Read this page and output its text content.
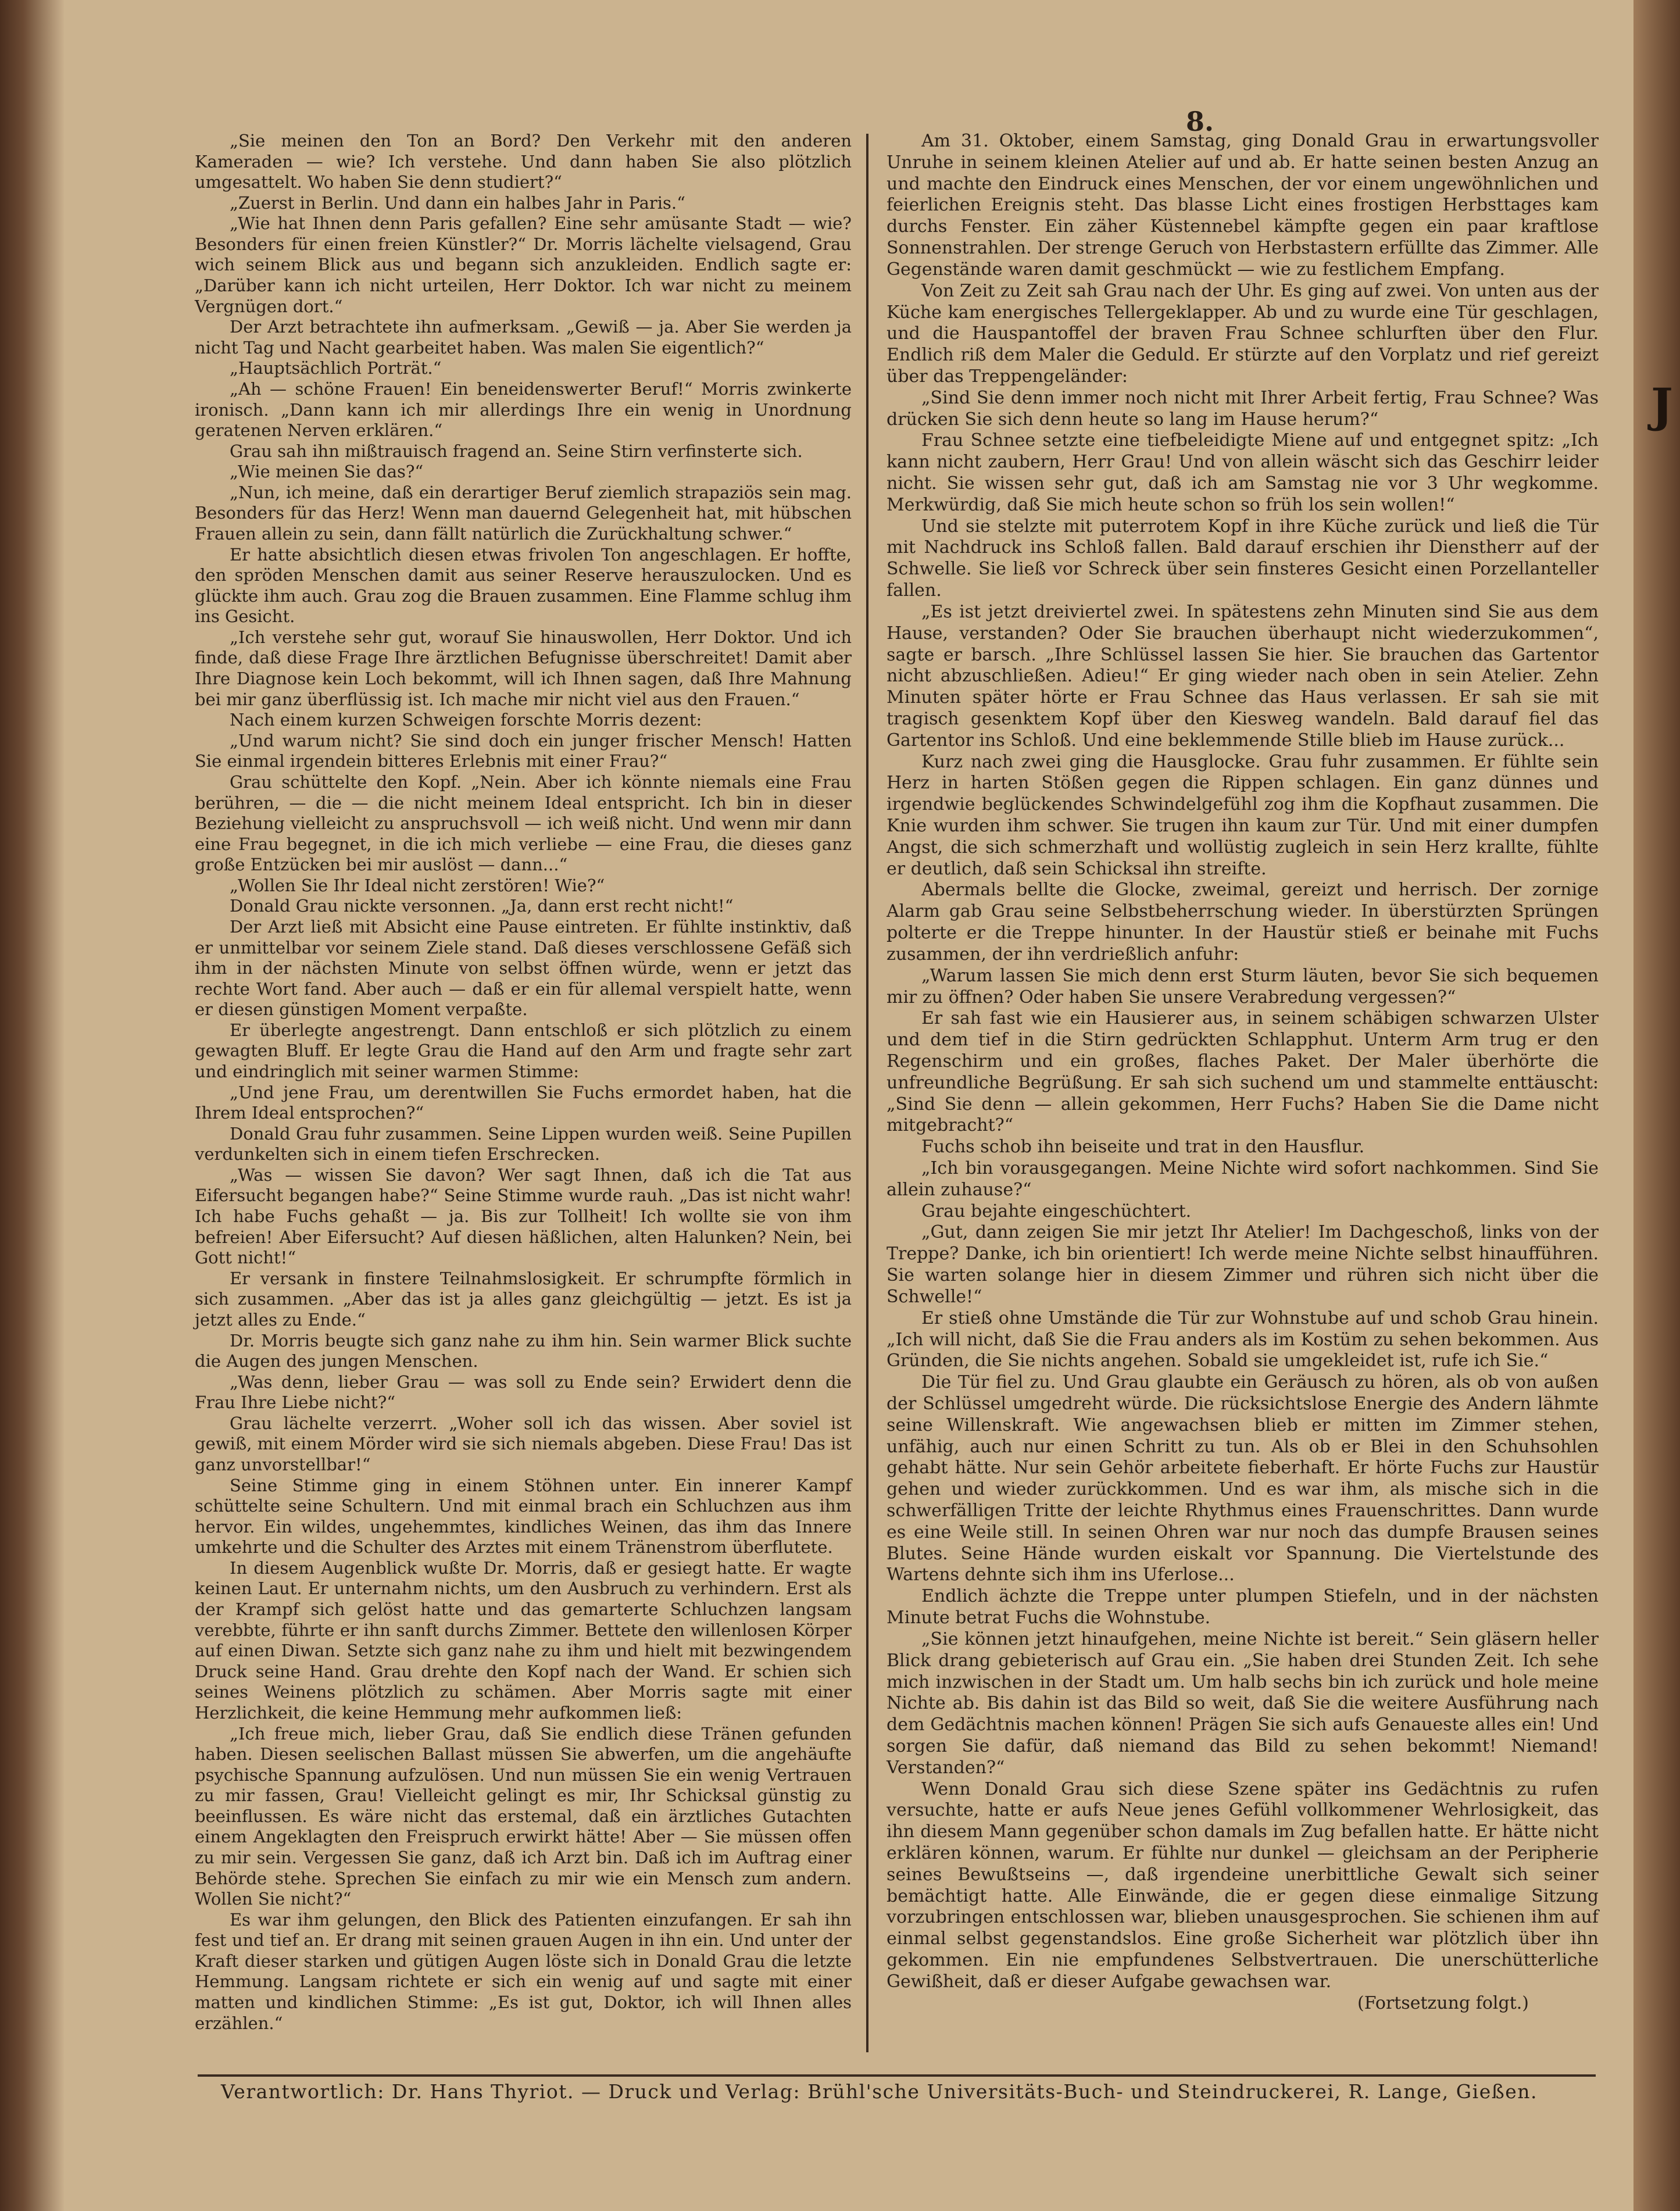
J
8.

„Sie meinen den Ton an Bord? Den Verkehr mit den anderen Kameraden — wie? Ich verstehe. Und dann haben Sie also plötzlich umgesattelt. Wo haben Sie denn studiert?“

„Zuerst in Berlin. Und dann ein halbes Jahr in Paris.“

„Wie hat Ihnen denn Paris gefallen? Eine sehr amüsante Stadt — wie? Besonders für einen freien Künstler?“ Dr. Morris lächelte vielsagend, Grau wich seinem Blick aus und begann sich anzukleiden. Endlich sagte er: „Darüber kann ich nicht urteilen, Herr Doktor. Ich war nicht zu meinem Vergnügen dort.“

Der Arzt betrachtete ihn aufmerksam. „Gewiß — ja. Aber Sie werden ja nicht Tag und Nacht gearbeitet haben. Was malen Sie eigentlich?“

„Hauptsächlich Porträt.“

„Ah — schöne Frauen! Ein beneidenswerter Beruf!“ Morris zwinkerte ironisch. „Dann kann ich mir allerdings Ihre ein wenig in Unordnung geratenen Nerven erklären.“

Grau sah ihn mißtrauisch fragend an. Seine Stirn verfinsterte sich.

„Wie meinen Sie das?“

„Nun, ich meine, daß ein derartiger Beruf ziemlich strapaziös sein mag. Besonders für das Herz! Wenn man dauernd Gelegenheit hat, mit hübschen Frauen allein zu sein, dann fällt natürlich die Zurückhaltung schwer.“

Er hatte absichtlich diesen etwas frivolen Ton angeschlagen. Er hoffte, den spröden Menschen damit aus seiner Reserve herauszulocken. Und es glückte ihm auch. Grau zog die Brauen zusammen. Eine Flamme schlug ihm ins Gesicht.

„Ich verstehe sehr gut, worauf Sie hinauswollen, Herr Doktor. Und ich finde, daß diese Frage Ihre ärztlichen Befugnisse überschreitet! Damit aber Ihre Diagnose kein Loch bekommt, will ich Ihnen sagen, daß Ihre Mahnung bei mir ganz überflüssig ist. Ich mache mir nicht viel aus den Frauen.“

Nach einem kurzen Schweigen forschte Morris dezent:

„Und warum nicht? Sie sind doch ein junger frischer Mensch! Hatten Sie einmal irgendein bitteres Erlebnis mit einer Frau?“

Grau schüttelte den Kopf. „Nein. Aber ich könnte niemals eine Frau berühren, — die — die nicht meinem Ideal entspricht. Ich bin in dieser Beziehung vielleicht zu anspruchsvoll — ich weiß nicht. Und wenn mir dann eine Frau begegnet, in die ich mich verliebe — eine Frau, die dieses ganz große Entzücken bei mir auslöst — dann...“

„Wollen Sie Ihr Ideal nicht zerstören! Wie?“

Donald Grau nickte versonnen. „Ja, dann erst recht nicht!“

Der Arzt ließ mit Absicht eine Pause eintreten. Er fühlte instinktiv, daß er unmittelbar vor seinem Ziele stand. Daß dieses verschlossene Gefäß sich ihm in der nächsten Minute von selbst öffnen würde, wenn er jetzt das rechte Wort fand. Aber auch — daß er ein für allemal verspielt hatte, wenn er diesen günstigen Moment verpaßte.

Er überlegte angestrengt. Dann entschloß er sich plötzlich zu einem gewagten Bluff. Er legte Grau die Hand auf den Arm und fragte sehr zart und eindringlich mit seiner warmen Stimme:

„Und jene Frau, um derentwillen Sie Fuchs ermordet haben, hat die Ihrem Ideal entsprochen?“

Donald Grau fuhr zusammen. Seine Lippen wurden weiß. Seine Pupillen verdunkelten sich in einem tiefen Erschrecken.

„Was — wissen Sie davon? Wer sagt Ihnen, daß ich die Tat aus Eifersucht begangen habe?“ Seine Stimme wurde rauh. „Das ist nicht wahr! Ich habe Fuchs gehaßt — ja. Bis zur Tollheit! Ich wollte sie von ihm befreien! Aber Eifersucht? Auf diesen häßlichen, alten Halunken? Nein, bei Gott nicht!“

Er versank in finstere Teilnahmslosigkeit. Er schrumpfte förmlich in sich zusammen. „Aber das ist ja alles ganz gleichgültig — jetzt. Es ist ja jetzt alles zu Ende.“

Dr. Morris beugte sich ganz nahe zu ihm hin. Sein warmer Blick suchte die Augen des jungen Menschen.

„Was denn, lieber Grau — was soll zu Ende sein? Erwidert denn die Frau Ihre Liebe nicht?“

Grau lächelte verzerrt. „Woher soll ich das wissen. Aber soviel ist gewiß, mit einem Mörder wird sie sich niemals abgeben. Diese Frau! Das ist ganz unvorstellbar!“

Seine Stimme ging in einem Stöhnen unter. Ein innerer Kampf schüttelte seine Schultern. Und mit einmal brach ein Schluchzen aus ihm hervor. Ein wildes, ungehemmtes, kindliches Weinen, das ihm das Innere umkehrte und die Schulter des Arztes mit einem Tränenstrom überflutete.

In diesem Augenblick wußte Dr. Morris, daß er gesiegt hatte. Er wagte keinen Laut. Er unternahm nichts, um den Ausbruch zu verhindern. Erst als der Krampf sich gelöst hatte und das gemarterte Schluchzen langsam verebbte, führte er ihn sanft durchs Zimmer. Bettete den willenlosen Körper auf einen Diwan. Setzte sich ganz nahe zu ihm und hielt mit bezwingendem Druck seine Hand. Grau drehte den Kopf nach der Wand. Er schien sich seines Weinens plötzlich zu schämen. Aber Morris sagte mit einer Herzlichkeit, die keine Hemmung mehr aufkommen ließ:

„Ich freue mich, lieber Grau, daß Sie endlich diese Tränen gefunden haben. Diesen seelischen Ballast müssen Sie abwerfen, um die angehäufte psychische Spannung aufzulösen. Und nun müssen Sie ein wenig Vertrauen zu mir fassen, Grau! Vielleicht gelingt es mir, Ihr Schicksal günstig zu beeinflussen. Es wäre nicht das erstemal, daß ein ärztliches Gutachten einem Angeklagten den Freispruch erwirkt hätte! Aber — Sie müssen offen zu mir sein. Vergessen Sie ganz, daß ich Arzt bin. Daß ich im Auftrag einer Behörde stehe. Sprechen Sie einfach zu mir wie ein Mensch zum andern. Wollen Sie nicht?“

Es war ihm gelungen, den Blick des Patienten einzufangen. Er sah ihn fest und tief an. Er drang mit seinen grauen Augen in ihn ein. Und unter der Kraft dieser starken und gütigen Augen löste sich in Donald Grau die letzte Hemmung. Langsam richtete er sich ein wenig auf und sagte mit einer matten und kindlichen Stimme: „Es ist gut, Doktor, ich will Ihnen alles erzählen.“

Am 31. Oktober, einem Samstag, ging Donald Grau in erwartungsvoller Unruhe in seinem kleinen Atelier auf und ab. Er hatte seinen besten Anzug an und machte den Eindruck eines Menschen, der vor einem ungewöhnlichen und feierlichen Ereignis steht. Das blasse Licht eines frostigen Herbsttages kam durchs Fenster. Ein zäher Küstennebel kämpfte gegen ein paar kraftlose Sonnenstrahlen. Der strenge Geruch von Herbstastern erfüllte das Zimmer. Alle Gegenstände waren damit geschmückt — wie zu festlichem Empfang.

Von Zeit zu Zeit sah Grau nach der Uhr. Es ging auf zwei. Von unten aus der Küche kam energisches Tellergeklapper. Ab und zu wurde eine Tür geschlagen, und die Hauspantoffel der braven Frau Schnee schlurften über den Flur. Endlich riß dem Maler die Geduld. Er stürzte auf den Vorplatz und rief gereizt über das Treppengeländer:

„Sind Sie denn immer noch nicht mit Ihrer Arbeit fertig, Frau Schnee? Was drücken Sie sich denn heute so lang im Hause herum?“

Frau Schnee setzte eine tiefbeleidigte Miene auf und entgegnet spitz: „Ich kann nicht zaubern, Herr Grau! Und von allein wäscht sich das Geschirr leider nicht. Sie wissen sehr gut, daß ich am Samstag nie vor 3 Uhr wegkomme. Merkwürdig, daß Sie mich heute schon so früh los sein wollen!“

Und sie stelzte mit puterrotem Kopf in ihre Küche zurück und ließ die Tür mit Nachdruck ins Schloß fallen. Bald darauf erschien ihr Dienstherr auf der Schwelle. Sie ließ vor Schreck über sein finsteres Gesicht einen Porzellanteller fallen.

„Es ist jetzt dreiviertel zwei. In spätestens zehn Minuten sind Sie aus dem Hause, verstanden? Oder Sie brauchen überhaupt nicht wiederzukommen“, sagte er barsch. „Ihre Schlüssel lassen Sie hier. Sie brauchen das Gartentor nicht abzuschließen. Adieu!“ Er ging wieder nach oben in sein Atelier. Zehn Minuten später hörte er Frau Schnee das Haus verlassen. Er sah sie mit tragisch gesenktem Kopf über den Kiesweg wandeln. Bald darauf fiel das Gartentor ins Schloß. Und eine beklemmende Stille blieb im Hause zurück...

Kurz nach zwei ging die Hausglocke. Grau fuhr zusammen. Er fühlte sein Herz in harten Stößen gegen die Rippen schlagen. Ein ganz dünnes und irgendwie beglückendes Schwindelgefühl zog ihm die Kopfhaut zusammen. Die Knie wurden ihm schwer. Sie trugen ihn kaum zur Tür. Und mit einer dumpfen Angst, die sich schmerzhaft und wollüstig zugleich in sein Herz krallte, fühlte er deutlich, daß sein Schicksal ihn streifte.

Abermals bellte die Glocke, zweimal, gereizt und herrisch. Der zornige Alarm gab Grau seine Selbstbeherrschung wieder. In überstürzten Sprüngen polterte er die Treppe hinunter. In der Haustür stieß er beinahe mit Fuchs zusammen, der ihn verdrießlich anfuhr:

„Warum lassen Sie mich denn erst Sturm läuten, bevor Sie sich bequemen mir zu öffnen? Oder haben Sie unsere Verabredung vergessen?“

Er sah fast wie ein Hausierer aus, in seinem schäbigen schwarzen Ulster und dem tief in die Stirn gedrückten Schlapphut. Unterm Arm trug er den Regenschirm und ein großes, flaches Paket. Der Maler überhörte die unfreundliche Begrüßung. Er sah sich suchend um und stammelte enttäuscht: „Sind Sie denn — allein gekommen, Herr Fuchs? Haben Sie die Dame nicht mitgebracht?“

Fuchs schob ihn beiseite und trat in den Hausflur.

„Ich bin vorausgegangen. Meine Nichte wird sofort nachkommen. Sind Sie allein zuhause?“

Grau bejahte eingeschüchtert.

„Gut, dann zeigen Sie mir jetzt Ihr Atelier! Im Dachgeschoß, links von der Treppe? Danke, ich bin orientiert! Ich werde meine Nichte selbst hinaufführen. Sie warten solange hier in diesem Zimmer und rühren sich nicht über die Schwelle!“

Er stieß ohne Umstände die Tür zur Wohnstube auf und schob Grau hinein. „Ich will nicht, daß Sie die Frau anders als im Kostüm zu sehen bekommen. Aus Gründen, die Sie nichts angehen. Sobald sie umgekleidet ist, rufe ich Sie.“

Die Tür fiel zu. Und Grau glaubte ein Geräusch zu hören, als ob von außen der Schlüssel umgedreht würde. Die rücksichtslose Energie des Andern lähmte seine Willenskraft. Wie angewachsen blieb er mitten im Zimmer stehen, unfähig, auch nur einen Schritt zu tun. Als ob er Blei in den Schuhsohlen gehabt hätte. Nur sein Gehör arbeitete fieberhaft. Er hörte Fuchs zur Haustür gehen und wieder zurückkommen. Und es war ihm, als mische sich in die schwerfälligen Tritte der leichte Rhythmus eines Frauenschrittes. Dann wurde es eine Weile still. In seinen Ohren war nur noch das dumpfe Brausen seines Blutes. Seine Hände wurden eiskalt vor Spannung. Die Viertelstunde des Wartens dehnte sich ihm ins Uferlose...

Endlich ächzte die Treppe unter plumpen Stiefeln, und in der nächsten Minute betrat Fuchs die Wohnstube.

„Sie können jetzt hinaufgehen, meine Nichte ist bereit.“ Sein gläsern heller Blick drang gebieterisch auf Grau ein. „Sie haben drei Stunden Zeit. Ich sehe mich inzwischen in der Stadt um. Um halb sechs bin ich zurück und hole meine Nichte ab. Bis dahin ist das Bild so weit, daß Sie die weitere Ausführung nach dem Gedächtnis machen können! Prägen Sie sich aufs Genaueste alles ein! Und sorgen Sie dafür, daß niemand das Bild zu sehen bekommt! Niemand! Verstanden?“

Wenn Donald Grau sich diese Szene später ins Gedächtnis zu rufen versuchte, hatte er aufs Neue jenes Gefühl vollkommener Wehrlosigkeit, das ihn diesem Mann gegenüber schon damals im Zug befallen hatte. Er hätte nicht erklären können, warum. Er fühlte nur dunkel — gleichsam an der Peripherie seines Bewußtseins —, daß irgendeine unerbittliche Gewalt sich seiner bemächtigt hatte. Alle Einwände, die er gegen diese einmalige Sitzung vorzubringen entschlossen war, blieben unausgesprochen. Sie schienen ihm auf einmal selbst gegenstandslos. Eine große Sicherheit war plötzlich über ihn gekommen. Ein nie empfundenes Selbstvertrauen. Die unerschütterliche Gewißheit, daß er dieser Aufgabe gewachsen war.

(Fortsetzung folgt.)

Verantwortlich: Dr. Hans Thyriot. — Druck und Verlag: Brühl'sche Universitäts-Buch- und Steindruckerei, R. Lange, Gießen.
